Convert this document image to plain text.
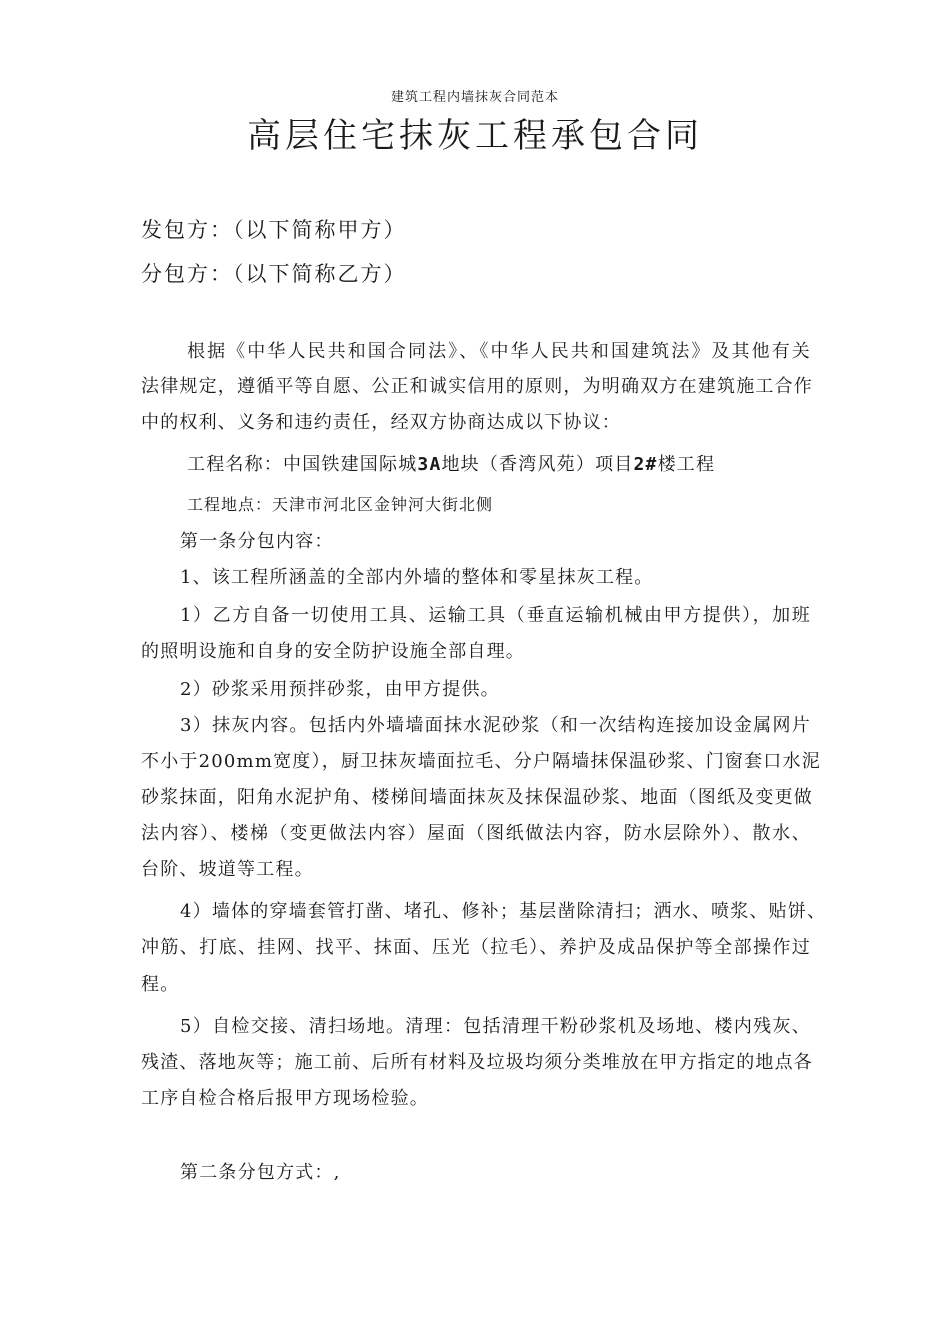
建筑工程内墙抹灰合同范本
高层住宅抹灰工程承包合同
发包方：（以下简称甲方）
分包方：（以下简称乙方）
根据《中华人民共和国合同法》、《中华人民共和国建筑法》及其他有关
法律规定，遵循平等自愿、公正和诚实信用的原则，为明确双方在建筑施工合作
中的权利、义务和违约责任，经双方协商达成以下协议：
工程名称：中国铁建国际城3A地块（香湾风苑）项目2#楼工程
工程地点：天津市河北区金钟河大街北侧
第一条分包内容：
1、该工程所涵盖的全部内外墙的整体和零星抹灰工程。
1）乙方自备一切使用工具、运输工具（垂直运输机械由甲方提供），加班
的照明设施和自身的安全防护设施全部自理。
2）砂浆采用预拌砂浆，由甲方提供。
3）抹灰内容。包括内外墙墙面抹水泥砂浆（和一次结构连接加设金属网片
不小于200mm宽度），厨卫抹灰墙面拉毛、分户隔墙抹保温砂浆、门窗套口水泥
砂浆抹面，阳角水泥护角、楼梯间墙面抹灰及抹保温砂浆、地面（图纸及变更做
法内容）、楼梯（变更做法内容）屋面（图纸做法内容，防水层除外）、散水、
台阶、坡道等工程。
4）墙体的穿墙套管打凿、堵孔、修补；基层凿除清扫；洒水、喷浆、贴饼、
冲筋、打底、挂网、找平、抹面、压光（拉毛）、养护及成品保护等全部操作过
程。
5）自检交接、清扫场地。清理：包括清理干粉砂浆机及场地、楼内残灰、
残渣、落地灰等；施工前、后所有材料及垃圾均须分类堆放在甲方指定的地点各
工序自检合格后报甲方现场检验。
第二条分包方式：,
